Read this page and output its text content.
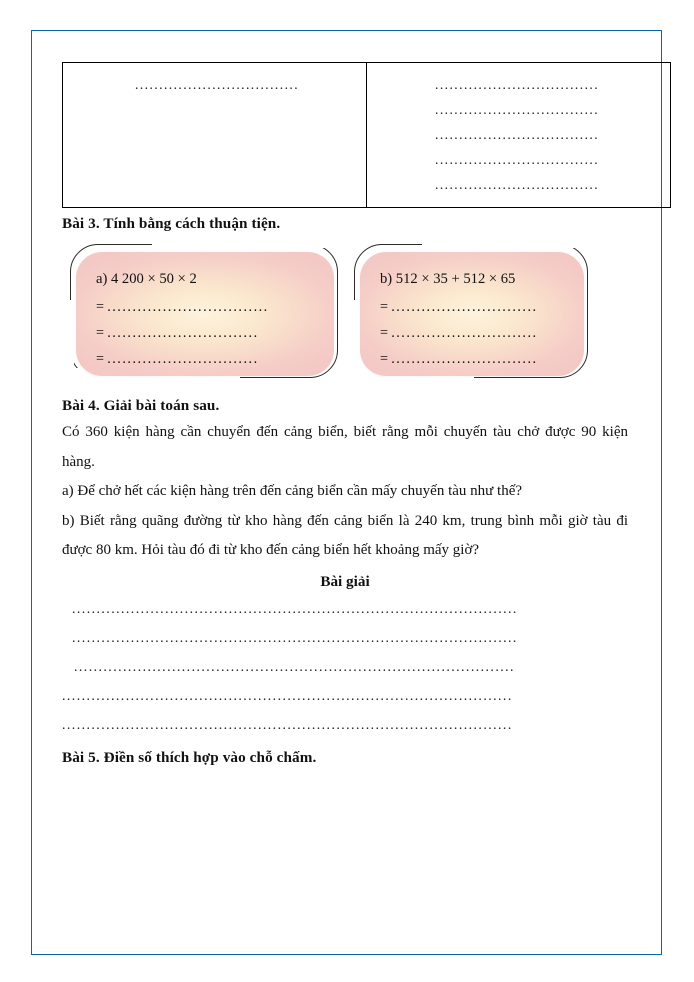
..................................	..................................
..................................
..................................
..................................
..................................
Bài 3. Tính bằng cách thuận tiện.
a) 4 200 × 50 × 2
= ................................
= ..............................
= ..............................
b) 512 × 35 + 512 × 65
= .............................
= .............................
= .............................
Bài 4. Giải bài toán sau.

Có 360 kiện hàng cần chuyển đến cảng biển, biết rằng mỗi chuyến tàu chở được 90 kiện hàng.

a) Để chở hết các kiện hàng trên đến cảng biển cần mấy chuyến tàu như thế?

b) Biết rằng quãng đường từ kho hàng đến cảng biển là 240 km, trung bình mỗi giờ tàu đi được 80 km. Hỏi tàu đó đi từ kho đến cảng biển hết khoảng mấy giờ?

Bài giải
...........................................................................................
...........................................................................................
..........................................................................................
............................................................................................
............................................................................................
Bài 5. Điền số thích hợp vào chỗ chấm.
